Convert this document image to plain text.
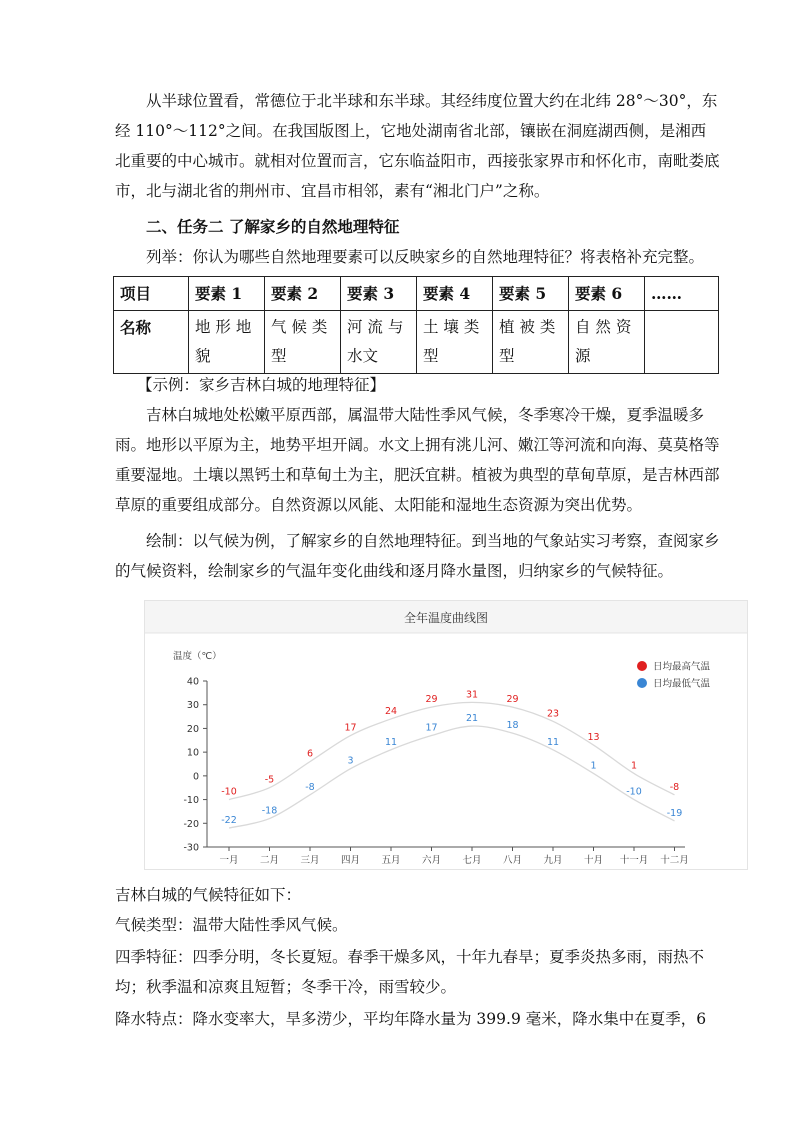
从半球位置看，常德位于北半球和东半球。其经纬度位置大约在北纬 28°～30°，东经 110°～112°之间。在我国版图上，它地处湖南省北部，镶嵌在洞庭湖西侧，是湘西北重要的中心城市。就相对位置而言，它东临益阳市，西接张家界市和怀化市，南毗娄底市，北与湖北省的荆州市、宜昌市相邻，素有“湘北门户”之称。

二、任务二 了解家乡的自然地理特征

列举：你认为哪些自然地理要素可以反映家乡的自然地理特征？将表格补充完整。

项目	要素 1	要素 2	要素 3	要素 4	要素 5	要素 6	……
名称	地 形 地 貌	气 候 类 型	河 流 与 水文	土 壤 类 型	植 被 类 型	自 然 资 源	

【示例：家乡吉林白城的地理特征】

吉林白城地处松嫩平原西部，属温带大陆性季风气候，冬季寒冷干燥，夏季温暖多雨。地形以平原为主，地势平坦开阔。水文上拥有洮儿河、嫩江等河流和向海、莫莫格等重要湿地。土壤以黑钙土和草甸土为主，肥沃宜耕。植被为典型的草甸草原，是吉林西部草原的重要组成部分。自然资源以风能、太阳能和湿地生态资源为突出优势。

绘制：以气候为例，了解家乡的自然地理特征。到当地的气象站实习考察，查阅家乡的气候资料，绘制家乡的气温年变化曲线和逐月降水量图，归纳家乡的气候特征。

全年温度曲线图
温度（℃）
40
30
20
10
0
-10
-20
-30
一月 二月 三月 四月 五月 六月 七月 八月 九月 十月 十一月 十二月
-10
-5
6
17
24
29	31	29
23
13
1
-8
-22
-18
-8
3
11
17
21
18
11
1
-10
-19
日均最高气温
日均最低气温

吉林白城的气候特征如下：

气候类型：温带大陆性季风气候。

四季特征：四季分明，冬长夏短。春季干燥多风，十年九春旱；夏季炎热多雨，雨热不均；秋季温和凉爽且短暂；冬季干冷，雨雪较少。

降水特点：降水变率大，旱多涝少，平均年降水量为 399.9 毫米，降水集中在夏季，6
